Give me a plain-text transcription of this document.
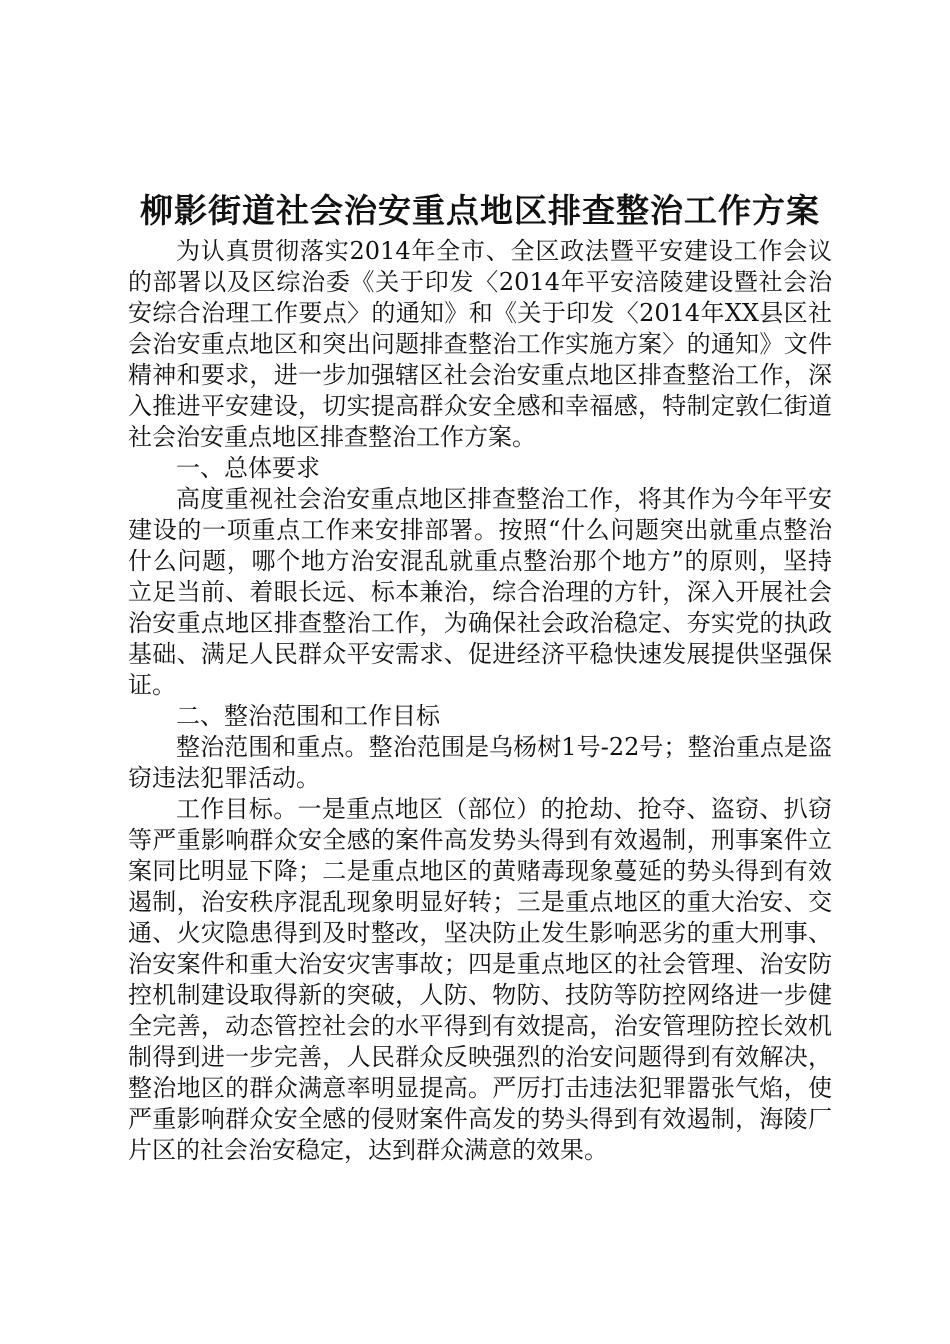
柳影街道社会治安重点地区排查整治工作方案

为认真贯彻落实2014年全市、全区政法暨平安建设工作会议的部署以及区综治委《关于印发〈2014年平安涪陵建设暨社会治安综合治理工作要点〉的通知》和《关于印发〈2014年XX县区社会治安重点地区和突出问题排查整治工作实施方案〉的通知》文件精神和要求，进一步加强辖区社会治安重点地区排查整治工作，深入推进平安建设，切实提高群众安全感和幸福感，特制定敦仁街道社会治安重点地区排查整治工作方案。

一、总体要求

高度重视社会治安重点地区排查整治工作，将其作为今年平安建设的一项重点工作来安排部署。按照“什么问题突出就重点整治什么问题，哪个地方治安混乱就重点整治那个地方”的原则，坚持立足当前、着眼长远、标本兼治，综合治理的方针，深入开展社会治安重点地区排查整治工作，为确保社会政治稳定、夯实党的执政基础、满足人民群众平安需求、促进经济平稳快速发展提供坚强保证。

二、整治范围和工作目标

整治范围和重点。整治范围是乌杨树1号-22号；整治重点是盗窃违法犯罪活动。

工作目标。一是重点地区（部位）的抢劫、抢夺、盗窃、扒窃等严重影响群众安全感的案件高发势头得到有效遏制，刑事案件立案同比明显下降；二是重点地区的黄赌毒现象蔓延的势头得到有效遏制，治安秩序混乱现象明显好转；三是重点地区的重大治安、交通、火灾隐患得到及时整改，坚决防止发生影响恶劣的重大刑事、治安案件和重大治安灾害事故；四是重点地区的社会管理、治安防控机制建设取得新的突破，人防、物防、技防等防控网络进一步健全完善，动态管控社会的水平得到有效提高，治安管理防控长效机制得到进一步完善，人民群众反映强烈的治安问题得到有效解决，整治地区的群众满意率明显提高。严厉打击违法犯罪嚣张气焰，使严重影响群众安全感的侵财案件高发的势头得到有效遏制，海陵厂片区的社会治安稳定，达到群众满意的效果。
